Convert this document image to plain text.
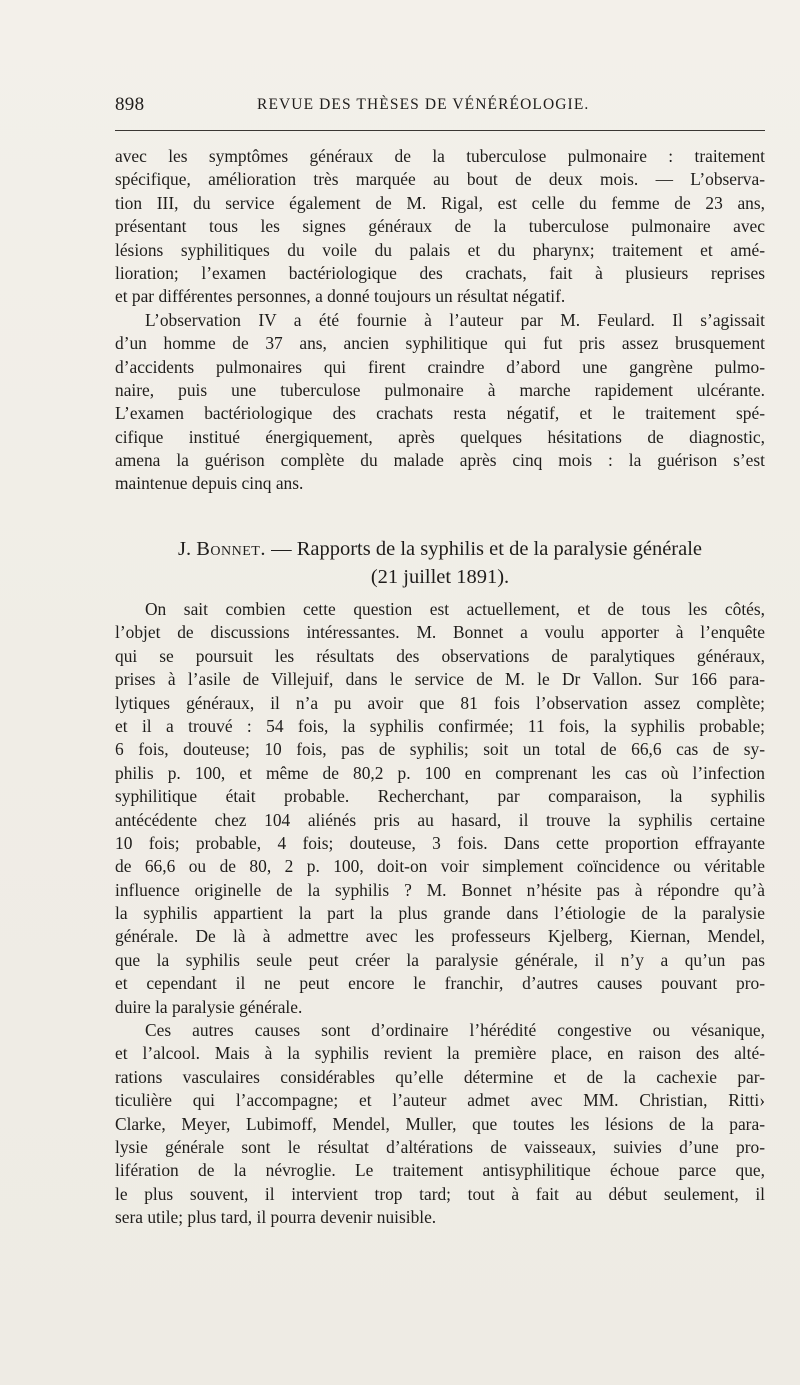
898	REVUE DES THÈSES DE VÉNÉRÉOLOGIE.
avec les symptômes généraux de la tuberculose pulmonaire : traitement
spécifique, amélioration très marquée au bout de deux mois. — L’observa-
tion III, du service également de M. Rigal, est celle du femme de 23 ans,
présentant tous les signes généraux de la tuberculose pulmonaire avec
lésions syphilitiques du voile du palais et du pharynx; traitement et amé-
lioration; l’examen bactériologique des crachats, fait à plusieurs reprises
et par différentes personnes, a donné toujours un résultat négatif.
L’observation IV a été fournie à l’auteur par M. Feulard. Il s’agissait
d’un homme de 37 ans, ancien syphilitique qui fut pris assez brusquement
d’accidents pulmonaires qui firent craindre d’abord une gangrène pulmo-
naire, puis une tuberculose pulmonaire à marche rapidement ulcérante.
L’examen bactériologique des crachats resta négatif, et le traitement spé-
cifique institué énergiquement, après quelques hésitations de diagnostic,
amena la guérison complète du malade après cinq mois : la guérison s’est
maintenue depuis cinq ans.
J. Bonnet. — Rapports de la syphilis et de la paralysie générale
(21 juillet 1891).
On sait combien cette question est actuellement, et de tous les côtés,
l’objet de discussions intéressantes. M. Bonnet a voulu apporter à l’enquête
qui se poursuit les résultats des observations de paralytiques généraux,
prises à l’asile de Villejuif, dans le service de M. le Dr Vallon. Sur 166 para-
lytiques généraux, il n’a pu avoir que 81 fois l’observation assez complète;
et il a trouvé : 54 fois, la syphilis confirmée; 11 fois, la syphilis probable;
6 fois, douteuse; 10 fois, pas de syphilis; soit un total de 66,6 cas de sy-
philis p. 100, et même de 80,2 p. 100 en comprenant les cas où l’infection
syphilitique était probable. Recherchant, par comparaison, la syphilis
antécédente chez 104 aliénés pris au hasard, il trouve la syphilis certaine
10 fois; probable, 4 fois; douteuse, 3 fois. Dans cette proportion effrayante
de 66,6 ou de 80, 2 p. 100, doit-on voir simplement coïncidence ou véritable
influence originelle de la syphilis ? M. Bonnet n’hésite pas à répondre qu’à
la syphilis appartient la part la plus grande dans l’étiologie de la paralysie
générale. De là à admettre avec les professeurs Kjelberg, Kiernan, Mendel,
que la syphilis seule peut créer la paralysie générale, il n’y a qu’un pas
et cependant il ne peut encore le franchir, d’autres causes pouvant pro-
duire la paralysie générale.
Ces autres causes sont d’ordinaire l’hérédité congestive ou vésanique,
et l’alcool. Mais à la syphilis revient la première place, en raison des alté-
rations vasculaires considérables qu’elle détermine et de la cachexie par-
ticulière qui l’accompagne; et l’auteur admet avec MM. Christian, Ritti›
Clarke, Meyer, Lubimoff, Mendel, Muller, que toutes les lésions de la para-
lysie générale sont le résultat d’altérations de vaisseaux, suivies d’une pro-
lifération de la névroglie. Le traitement antisyphilitique échoue parce que,
le plus souvent, il intervient trop tard; tout à fait au début seulement, il
sera utile; plus tard, il pourra devenir nuisible.
